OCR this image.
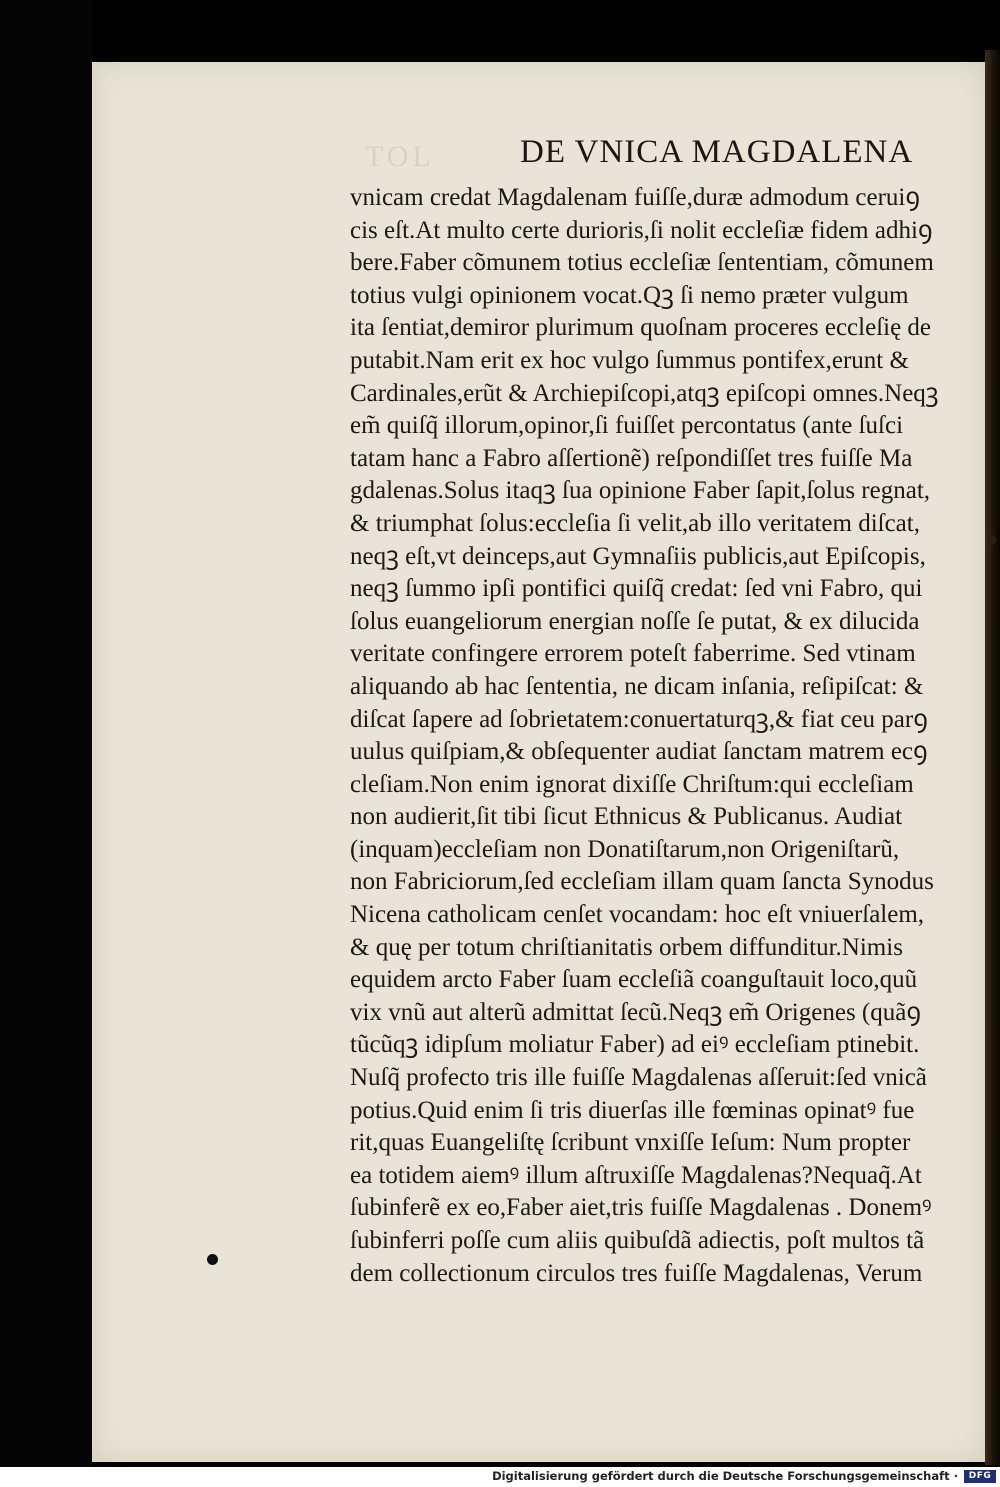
TOL	DE VNICA MAGDALENA
vnicam credat Magdalenam fuiſſe,duræ admodum ceruiꝯ
cis eſt.At multo certe durioris,ſi nolit eccleſiæ fidem adhiꝯ
bere.Faber cõmunem totius eccleſiæ ſententiam, cõmunem
totius vulgi opinionem vocat.Qꝫ ſi nemo præter vulgum
ita ſentiat,demiror plurimum quoſnam proceres eccleſię de
putabit.Nam erit ex hoc vulgo ſummus pontifex,erunt &
Cardinales,erũt & Archiepiſcopi,atqꝫ epiſcopi omnes.Neqꝫ
em̃ quiſq̃ illorum,opinor,ſi fuiſſet percontatus (ante ſuſci
tatam hanc a Fabro aſſertionẽ) reſpondiſſet tres fuiſſe Ma
gdalenas.Solus itaqꝫ ſua opinione Faber ſapit,ſolus regnat,
& triumphat ſolus:eccleſia ſi velit,ab illo veritatem diſcat,
neqꝫ eſt,vt deinceps,aut Gymnaſiis publicis,aut Epiſcopis,
neqꝫ ſummo ipſi pontifici quiſq̃ credat: ſed vni Fabro, qui
ſolus euangeliorum energian noſſe ſe putat, & ex dilucida
veritate confingere errorem poteſt faberrime. Sed vtinam
aliquando ab hac ſententia, ne dicam inſania, reſipiſcat: &
diſcat ſapere ad ſobrietatem:conuertaturqꝫ,& fiat ceu parꝯ
uulus quiſpiam,& obſequenter audiat ſanctam matrem ecꝯ
cleſiam.Non enim ignorat dixiſſe Chriſtum:qui eccleſiam
non audierit,ſit tibi ſicut Ethnicus & Publicanus. Audiat
(inquam)eccleſiam non Donatiſtarum,non Origeniſtarũ,
non Fabriciorum,ſed eccleſiam illam quam ſancta Synodus
Nicena catholicam cenſet vocandam: hoc eſt vniuerſalem,
& quę per totum chriſtianitatis orbem diffunditur.Nimis
equidem arcto Faber ſuam eccleſiã coanguſtauit loco,quũ
vix vnũ aut alterũ admittat ſecũ.Neqꝫ em̃ Origenes (quãꝯ
tũcũqꝫ idipſum moliatur Faber) ad eiꝰ eccleſiam ptinebit.
Nuſq̃ profecto tris ille fuiſſe Magdalenas aſſeruit:ſed vnicã
potius.Quid enim ſi tris diuerſas ille fœminas opinatꝰ fue
rit,quas Euangeliſtę ſcribunt vnxiſſe Ieſum: Num propter
ea totidem aiemꝰ illum aſtruxiſſe Magdalenas?Nequaq̃.At
ſubinferẽ ex eo,Faber aiet,tris fuiſſe Magdalenas . Donemꝰ
ſubinferri poſſe cum aliis quibuſdã adiectis, poſt multos tã
dem collectionum circulos tres fuiſſe Magdalenas, Verum
Digitalisierung gefördert durch die Deutsche Forschungsgemeinschaft ·	DFG
